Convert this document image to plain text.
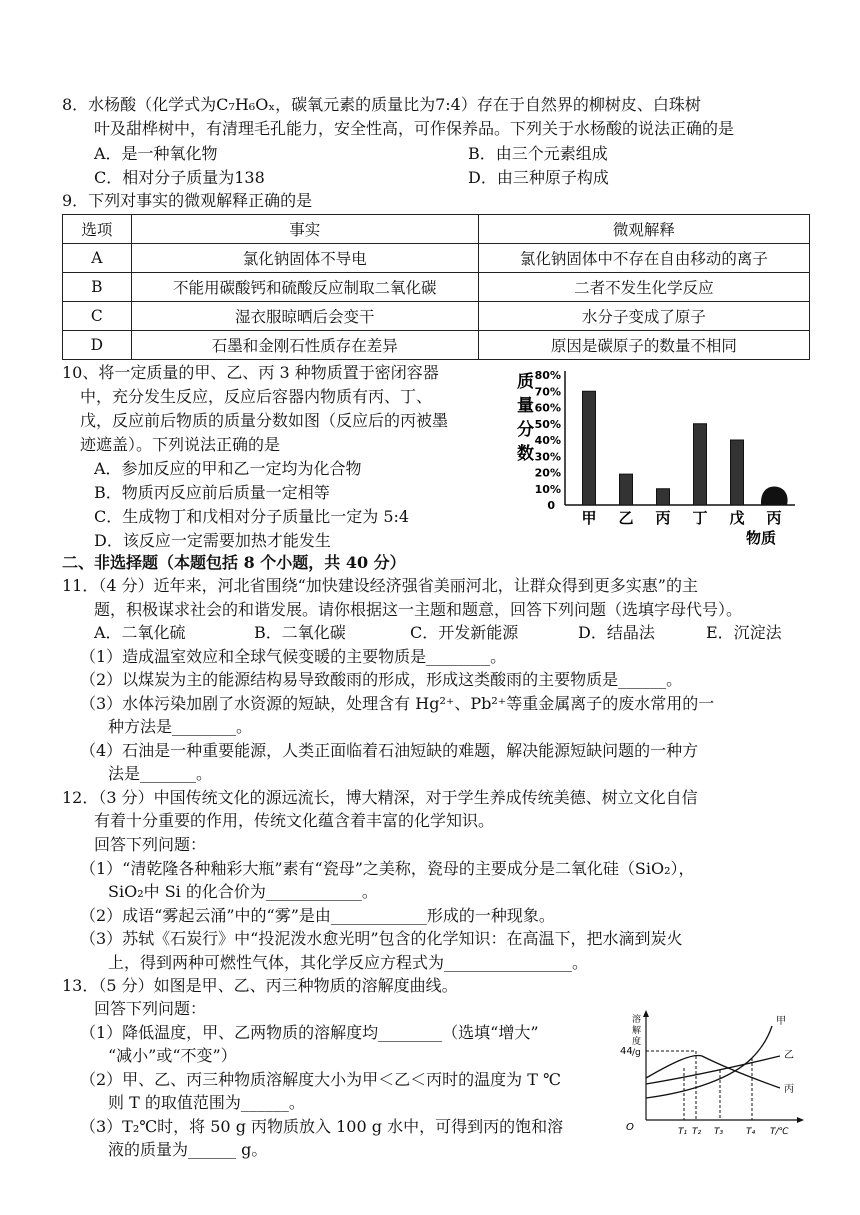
8．水杨酸（化学式为C₇H₆Oₓ，碳氧元素的质量比为7:4）存在于自然界的柳树皮、白珠树
叶及甜桦树中，有清理毛孔能力，安全性高，可作保养品。下列关于水杨酸的说法正确的是
A．是一种氧化物	B．由三个元素组成
C．相对分子质量为138	D．由三种原子构成
9．下列对事实的微观解释正确的是
选项	事实	微观解释
A	氯化钠固体不导电	氯化钠固体中不存在自由移动的离子
B	不能用碳酸钙和硫酸反应制取二氧化碳	二者不发生化学反应
C	湿衣服晾晒后会变干	水分子变成了原子
D	石墨和金刚石性质存在差异	原因是碳原子的数量不相同
10、将一定质量的甲、乙、丙 3 种物质置于密闭容器
中，充分发生反应，反应后容器内物质有丙、丁、
戊，反应前后物质的质量分数如图（反应后的丙被墨
迹遮盖）。下列说法正确的是
A．参加反应的甲和乙一定均为化合物
B．物质丙反应前后质量一定相等
C．生成物丁和戊相对分子质量比一定为 5:4
D．该反应一定需要加热才能发生
质
量
分
数
80%
70%
60%
50%
40%
30%
20%
10%
0
甲 乙 丙 丁 戊 丙
物质
二、非选择题（本题包括 8 个小题，共 40 分）
11．（4 分）近年来，河北省围绕“加快建设经济强省美丽河北，让群众得到更多实惠”的主
题，积极谋求社会的和谐发展。请你根据这一主题和题意，回答下列问题（选填字母代号）。
A．二氧化硫	B．二氧化碳	C．开发新能源	D．结晶法	E．沉淀法
（1）造成温室效应和全球气候变暖的主要物质是________。
（2）以煤炭为主的能源结构易导致酸雨的形成，形成这类酸雨的主要物质是______。
（3）水体污染加剧了水资源的短缺，处理含有 Hg²⁺、Pb²⁺等重金属离子的废水常用的一
种方法是________。
（4）石油是一种重要能源，人类正面临着石油短缺的难题，解决能源短缺问题的一种方
法是_______。
12．（3 分）中国传统文化的源远流长，博大精深，对于学生养成传统美德、树立文化自信
有着十分重要的作用，传统文化蕴含着丰富的化学知识。
回答下列问题：
（1）“清乾隆各种釉彩大瓶”素有“瓷母”之美称，瓷母的主要成分是二氧化硅（SiO₂），
SiO₂中 Si 的化合价为____________。
（2）成语“雾起云涌”中的“雾”是由____________形成的一种现象。
（3）苏轼《石炭行》中“投泥泼水愈光明”包含的化学知识：在高温下，把水滴到炭火
上，得到两种可燃性气体，其化学反应方程式为________________。
13．（5 分）如图是甲、乙、丙三种物质的溶解度曲线。
回答下列问题：
（1）降低温度，甲、乙两物质的溶解度均________（选填“增大”
“减小”或“不变”）
（2）甲、乙、丙三种物质溶解度大小为甲＜乙＜丙时的温度为 T ℃
则 T 的取值范围为______。
（3）T₂℃时，将 50 g 丙物质放入 100 g 水中，可得到丙的饱和溶
液的质量为______ g。
溶
解
度
/g
O
44
甲
乙
丙
T₁ T₂ T₃	T₄ T/℃
